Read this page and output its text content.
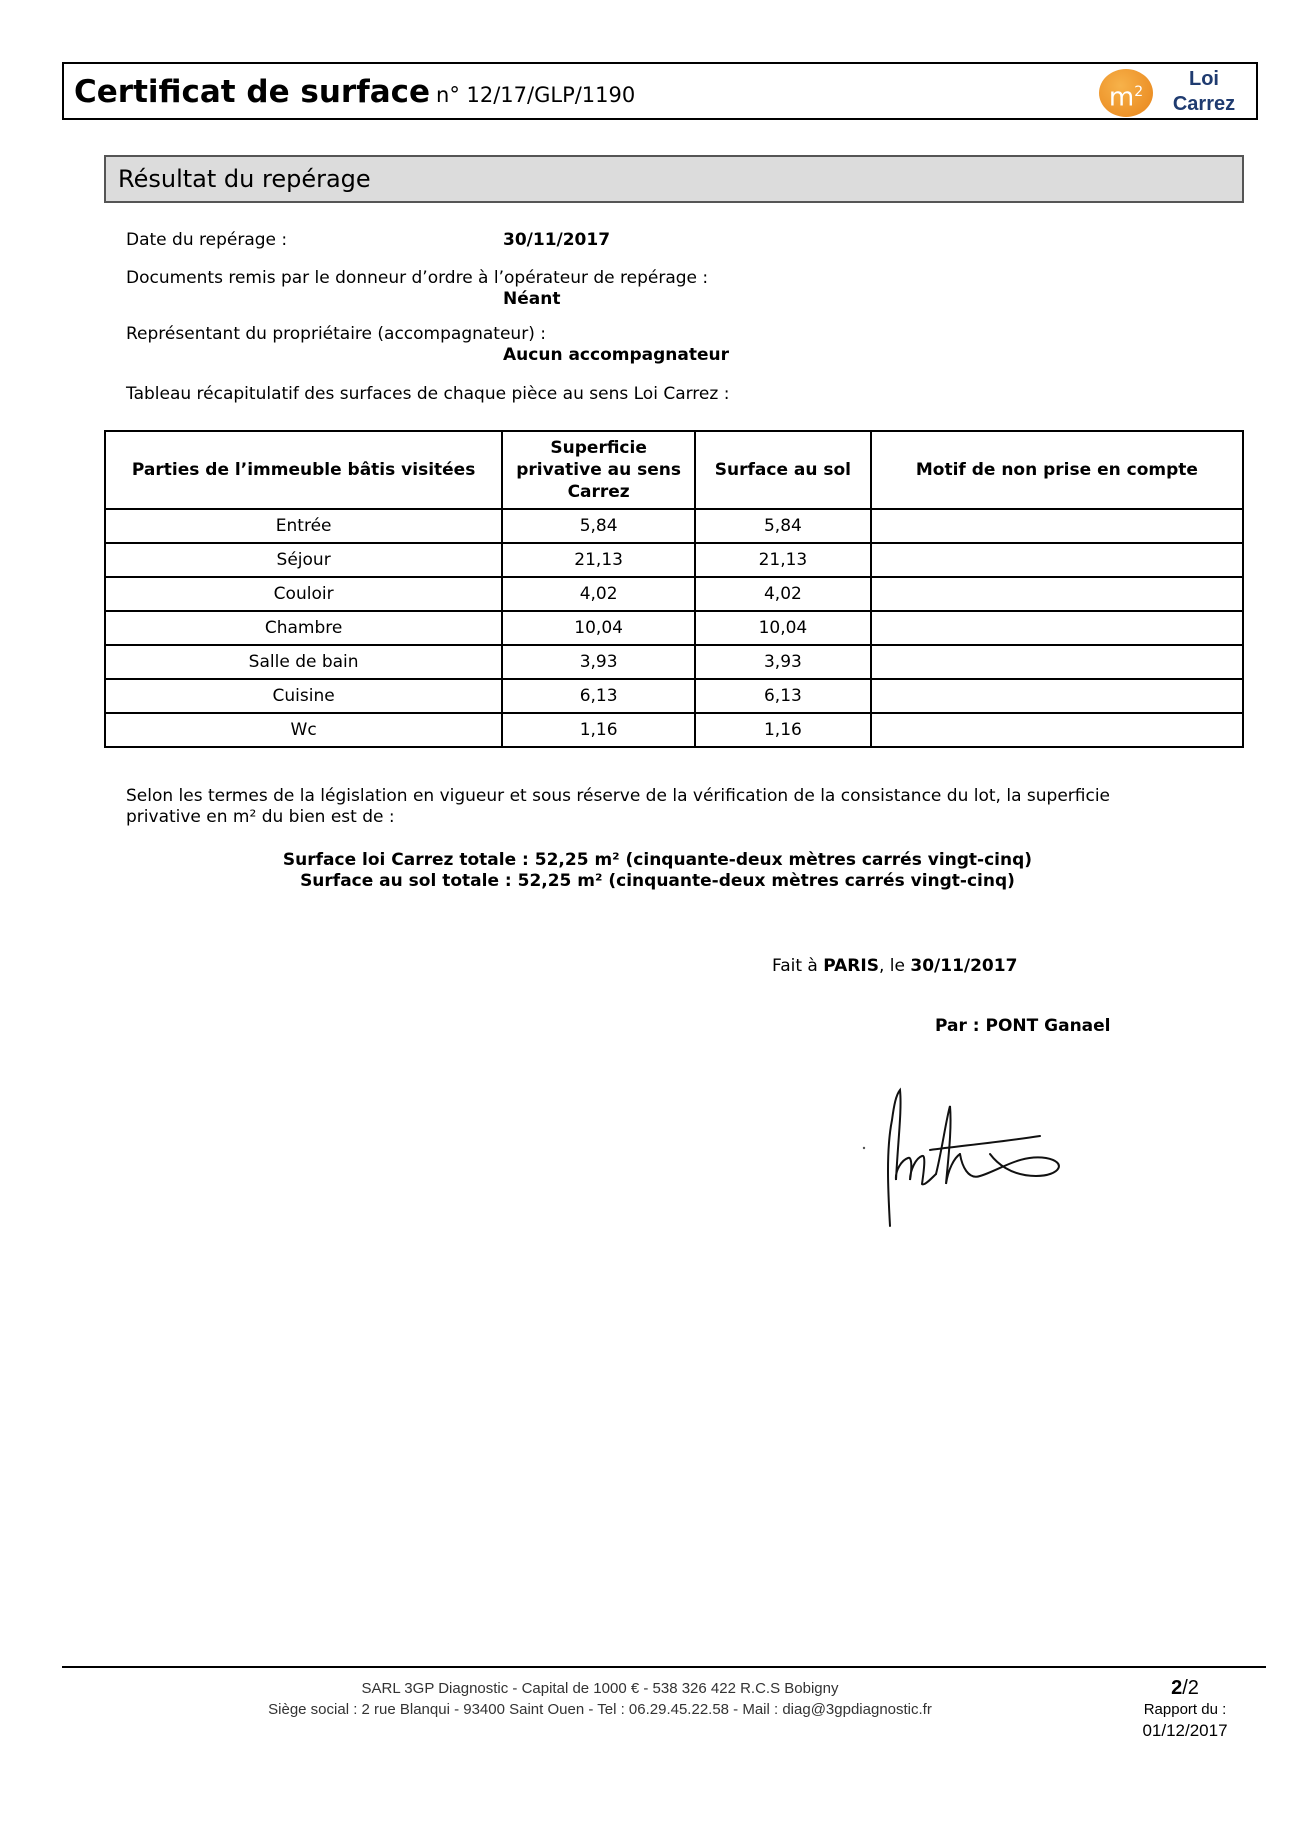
Certificat de surface n° 12/17/GLP/1190	$m^2$
Loi
Carrez
Résultat du repérage
Date du repérage :	30/11/2017
Documents remis par le donneur d’ordre à l’opérateur de repérage :
Néant
Représentant du propriétaire (accompagnateur) :
Aucun accompagnateur
Tableau récapitulatif des surfaces de chaque pièce au sens Loi Carrez :
Parties de l’immeuble bâtis visitées	Superficie privative au sens Carrez	Surface au sol	Motif de non prise en compte
Entrée	5,84	5,84	
Séjour	21,13	21,13	
Couloir	4,02	4,02	
Chambre	10,04	10,04	
Salle de bain	3,93	3,93	
Cuisine	6,13	6,13	
Wc	1,16	1,16	
Selon les termes de la législation en vigueur et sous réserve de la vérification de la consistance du lot, la superficie
privative en m² du bien est de :
Surface loi Carrez totale : 52,25 m² (cinquante-deux mètres carrés vingt-cinq)
Surface au sol totale : 52,25 m² (cinquante-deux mètres carrés vingt-cinq)
Fait à PARIS, le 30/11/2017
Par : PONT Ganael
SARL 3GP Diagnostic - Capital de 1000 € - 538 326 422 R.C.S Bobigny
Siège social : 2 rue Blanqui - 93400 Saint Ouen - Tel : 06.29.45.22.58 - Mail : diag@3gpdiagnostic.fr
2/2
Rapport du :
01/12/2017
